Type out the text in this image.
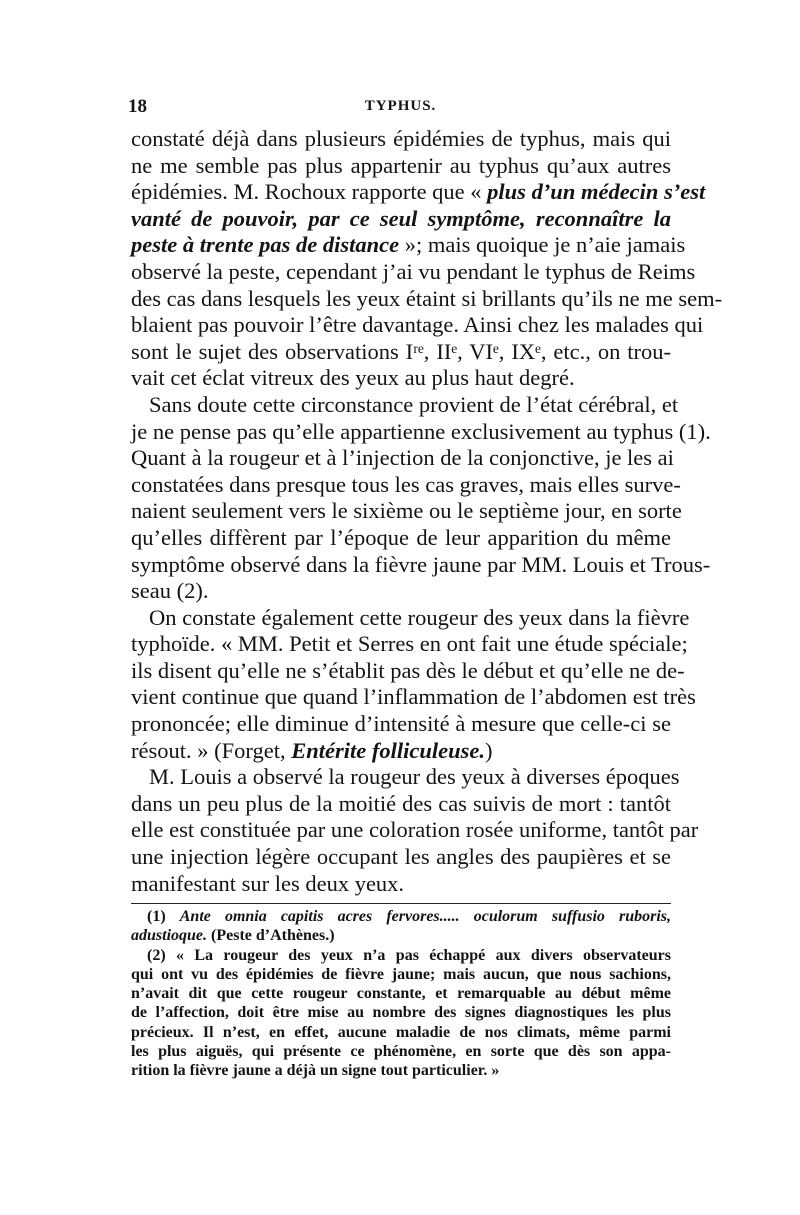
18	TYPHUS.
constaté déjà dans plusieurs épidémies de typhus, mais qui
ne me semble pas plus appartenir au typhus qu’aux autres
épidémies. M. Rochoux rapporte que « plus d’un médecin s’est
vanté de pouvoir, par ce seul symptôme, reconnaître la
peste à trente pas de distance »; mais quoique je n’aie jamais
observé la peste, cependant j’ai vu pendant le typhus de Reims
des cas dans lesquels les yeux étaint si brillants qu’ils ne me sem-
blaient pas pouvoir l’être davantage. Ainsi chez les malades qui
sont le sujet des observations Iʳᵉ, IIᵉ, VIᵉ, IXᵉ, etc., on trou-
vait cet éclat vitreux des yeux au plus haut degré.
Sans doute cette circonstance provient de l’état cérébral, et
je ne pense pas qu’elle appartienne exclusivement au typhus (1).
Quant à la rougeur et à l’injection de la conjonctive, je les ai
constatées dans presque tous les cas graves, mais elles surve-
naient seulement vers le sixième ou le septième jour, en sorte
qu’elles diffèrent par l’époque de leur apparition du même
symptôme observé dans la fièvre jaune par MM. Louis et Trous-
seau (2).
On constate également cette rougeur des yeux dans la fièvre
typhoïde. « MM. Petit et Serres en ont fait une étude spéciale;
ils disent qu’elle ne s’établit pas dès le début et qu’elle ne de-
vient continue que quand l’inflammation de l’abdomen est très
prononcée; elle diminue d’intensité à mesure que celle-ci se
résout. » (Forget, Entérite folliculeuse.)
M. Louis a observé la rougeur des yeux à diverses époques
dans un peu plus de la moitié des cas suivis de mort : tantôt
elle est constituée par une coloration rosée uniforme, tantôt par
une injection légère occupant les angles des paupières et se
manifestant sur les deux yeux.
(1) Ante omnia capitis acres fervores..... oculorum suffusio ruboris,
adustioque. (Peste d’Athènes.)
(2) « La rougeur des yeux n’a pas échappé aux divers observateurs
qui ont vu des épidémies de fièvre jaune; mais aucun, que nous sachions,
n’avait dit que cette rougeur constante, et remarquable au début même
de l’affection, doit être mise au nombre des signes diagnostiques les plus
précieux. Il n’est, en effet, aucune maladie de nos climats, même parmi
les plus aiguës, qui présente ce phénomène, en sorte que dès son appa-
rition la fièvre jaune a déjà un signe tout particulier. »
